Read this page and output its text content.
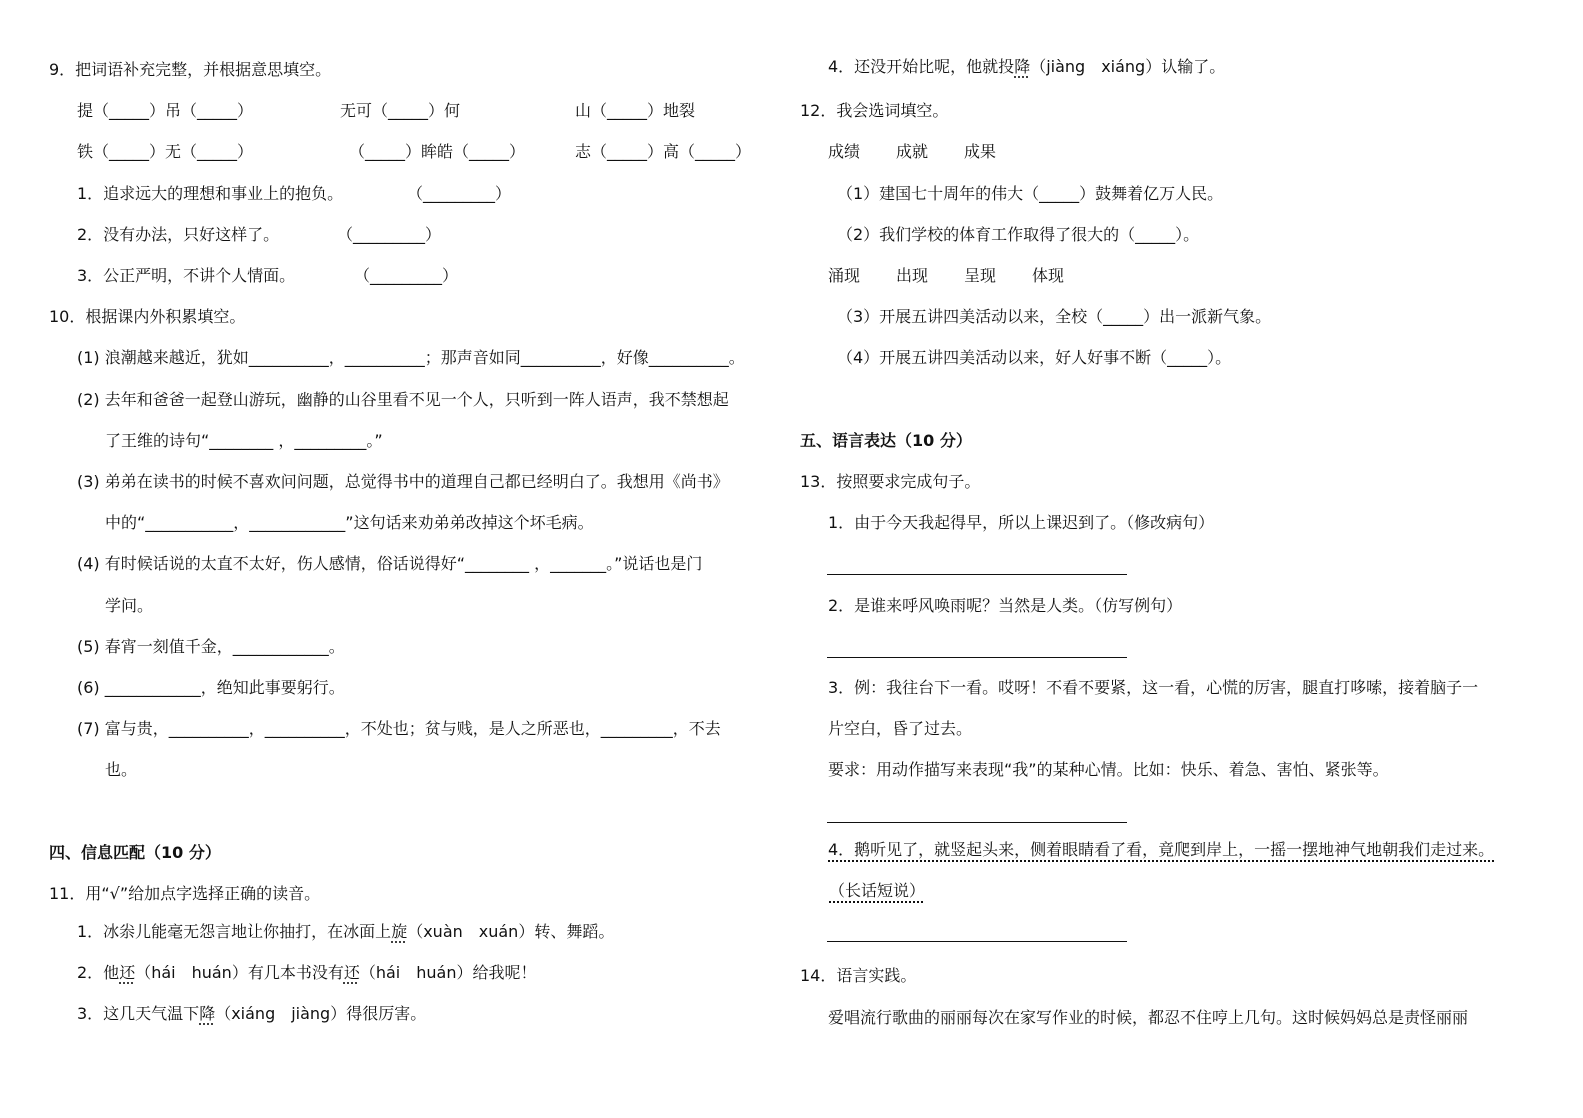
9．把词语补充完整，并根据意思填空。
提（_____）吊（_____）	无可（_____）何	山（_____）地裂
铁（_____）无（_____）	（_____）眸皓（_____）	志（_____）高（_____）
1．追求远大的理想和事业上的抱负。	（_________）
2．没有办法，只好这样了。	（_________）
3．公正严明，不讲个人情面。	（_________）
10．根据课内外积累填空。
(1) 浪潮越来越近，犹如__________，__________；那声音如同__________，好像__________。
(2) 去年和爸爸一起登山游玩，幽静的山谷里看不见一个人，只听到一阵人语声，我不禁想起
了王维的诗句“________ ，_________。”
(3) 弟弟在读书的时候不喜欢问问题，总觉得书中的道理自己都已经明白了。我想用《尚书》
中的“___________，____________”这句话来劝弟弟改掉这个坏毛病。
(4) 有时候话说的太直不太好，伤人感情，俗话说得好“________ ，_______。”说话也是门
学问。
(5) 春宵一刻值千金，____________。
(6) ____________，绝知此事要躬行。
(7) 富与贵，__________，__________，不处也；贫与贱，是人之所恶也，_________，不去
也。
四、信息匹配（10 分）
11．用“√”给加点字选择正确的读音。
1．冰尜儿能毫无怨言地让你抽打，在冰面上旋（xuàn　xuán）转、舞蹈。
2．他还（hái　huán）有几本书没有还（hái　huán）给我呢！
3．这几天气温下降（xiáng　jiàng）得很厉害。
4．还没开始比呢，他就投降（jiàng　xiáng）认输了。
12．我会选词填空。
成绩 成就 成果
（1）建国七十周年的伟大（_____）鼓舞着亿万人民。
（2）我们学校的体育工作取得了很大的（_____）。
涌现 出现 呈现 体现
（3）开展五讲四美活动以来，全校（_____）出一派新气象。
（4）开展五讲四美活动以来，好人好事不断（_____）。
五、语言表达（10 分）
13．按照要求完成句子。
1．由于今天我起得早，所以上课迟到了。（修改病句）
2．是谁来呼风唤雨呢？当然是人类。（仿写例句）
3．例：我往台下一看。哎呀！不看不要紧，这一看，心慌的厉害，腿直打哆嗦，接着脑子一
片空白，昏了过去。
要求：用动作描写来表现“我”的某种心情。比如：快乐、着急、害怕、紧张等。
4．鹅听见了，就竖起头来，侧着眼睛看了看，竟爬到岸上，一摇一摆地神气地朝我们走过来。
（长话短说）
14．语言实践。
爱唱流行歌曲的丽丽每次在家写作业的时候，都忍不住哼上几句。这时候妈妈总是责怪丽丽
